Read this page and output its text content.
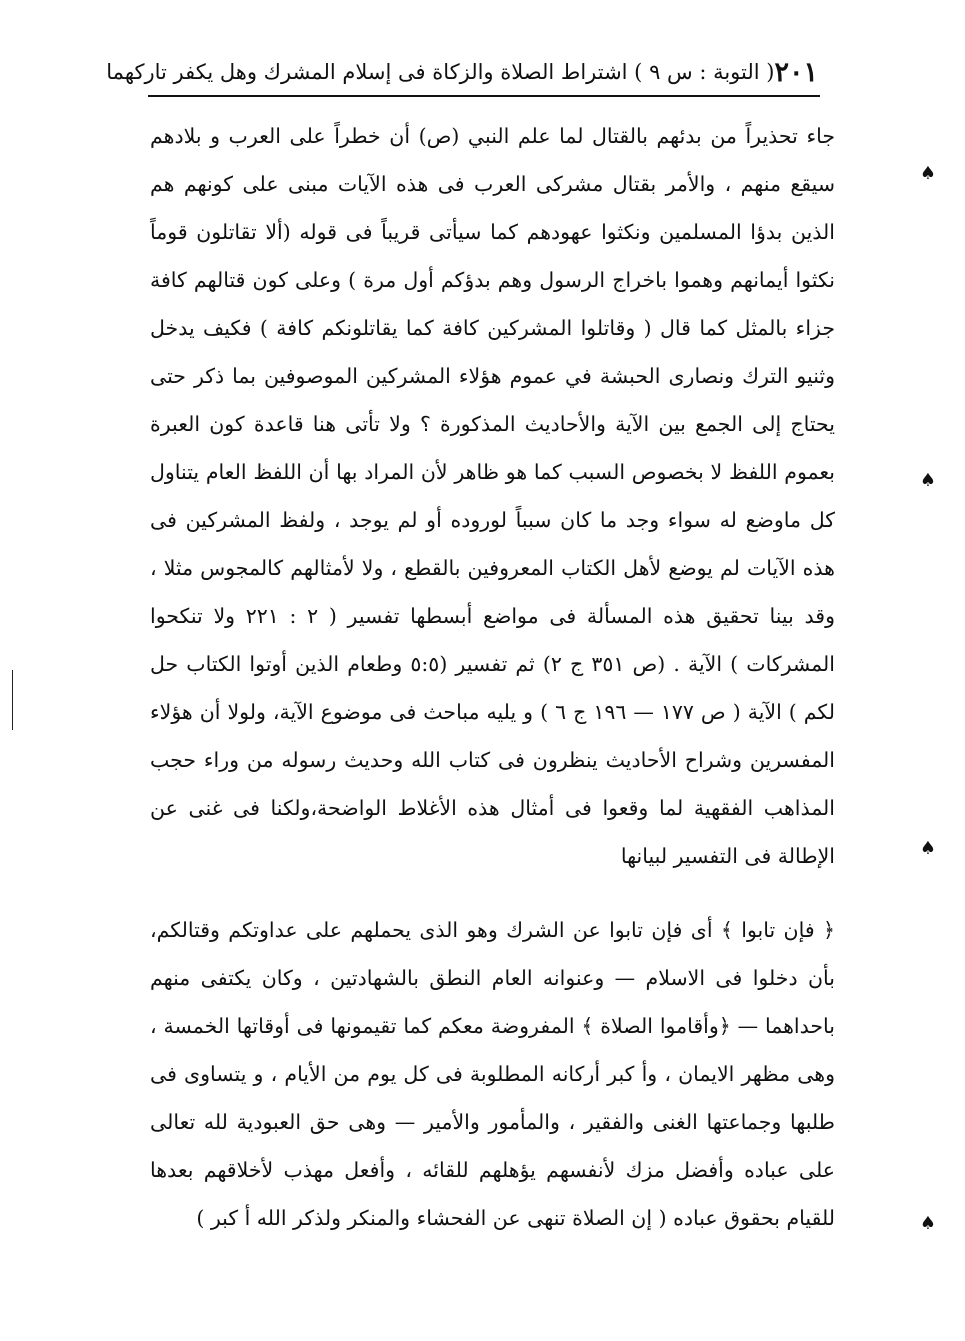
٢٠١
( التوبة : س ٩ ) اشتراط الصلاة والزكاة فى إسلام المشرك وهل يكفر تاركهما

جاء تحذيراً من بدئهم بالقتال لما علم النبي (ص) أن خطراً على العرب و بلادهم سيقع منهم ، والأمر بقتال مشركى العرب فى هذه الآيات مبنى على كونهم هم الذين بدؤا المسلمين ونكثوا عهودهم كما سيأتى قريباً فى قوله (ألا تقاتلون قوماً نكثوا أيمانهم وهموا باخراج الرسول وهم بدؤكم أول مرة ) وعلى كون قتالهم كافة جزاء بالمثل كما قال ( وقاتلوا المشركين كافة كما يقاتلونكم كافة ) فكيف يدخل وثنيو الترك ونصارى الحبشة في عموم هؤلاء المشركين الموصوفين بما ذكر حتى يحتاج إلى الجمع بين الآية والأحاديث المذكورة ؟ ولا تأتى هنا قاعدة كون العبرة بعموم اللفظ لا بخصوص السبب كما هو ظاهر لأن المراد بها أن اللفظ العام يتناول كل ماوضع له سواء وجد ما كان سبباً لوروده أو لم يوجد ، ولفظ المشركين فى هذه الآيات لم يوضع لأهل الكتاب المعروفين بالقطع ، ولا لأمثالهم كالمجوس مثلا ، وقد بينا تحقيق هذه المسألة فى مواضع أبسطها تفسير ( ٢ : ٢٢١ ولا تنكحوا المشركات ) الآية . (ص ٣٥١ ج ٢) ثم تفسير (٥:٥ وطعام الذين أوتوا الكتاب حل لكم ) الآية ( ص ١٧٧ — ١٩٦ ج ٦ ) و يليه مباحث فى موضوع الآية، ولولا أن هؤلاء المفسرين وشراح الأحاديث ينظرون فى كتاب الله وحديث رسوله من وراء حجب المذاهب الفقهية لما وقعوا فى أمثال هذه الأغلاط الواضحة،ولكنا فى غنى عن الإطالة فى التفسير لبيانها

﴿ فإن تابوا ﴾ أى فإن تابوا عن الشرك وهو الذى يحملهم على عداوتكم وقتالكم، بأن دخلوا فى الاسلام — وعنوانه العام النطق بالشهادتين ، وكان يكتفى منهم باحداهما — ﴿وأقاموا الصلاة ﴾ المفروضة معكم كما تقيمونها فى أوقاتها الخمسة ، وهى مظهر الايمان ، وأ كبر أركانه المطلوبة فى كل يوم من الأيام ، و يتساوى فى طلبها وجماعتها الغنى والفقير ، والمأمور والأمير — وهى حق العبودية لله تعالى على عباده وأفضل مزك لأنفسهم يؤهلهم للقائه ، وأفعل مهذب لأخلاقهم بعدها للقيام بحقوق عباده ( إن الصلاة تنهى عن الفحشاء والمنكر ولذكر الله أ كبر )

♠
♠
♠
♠
